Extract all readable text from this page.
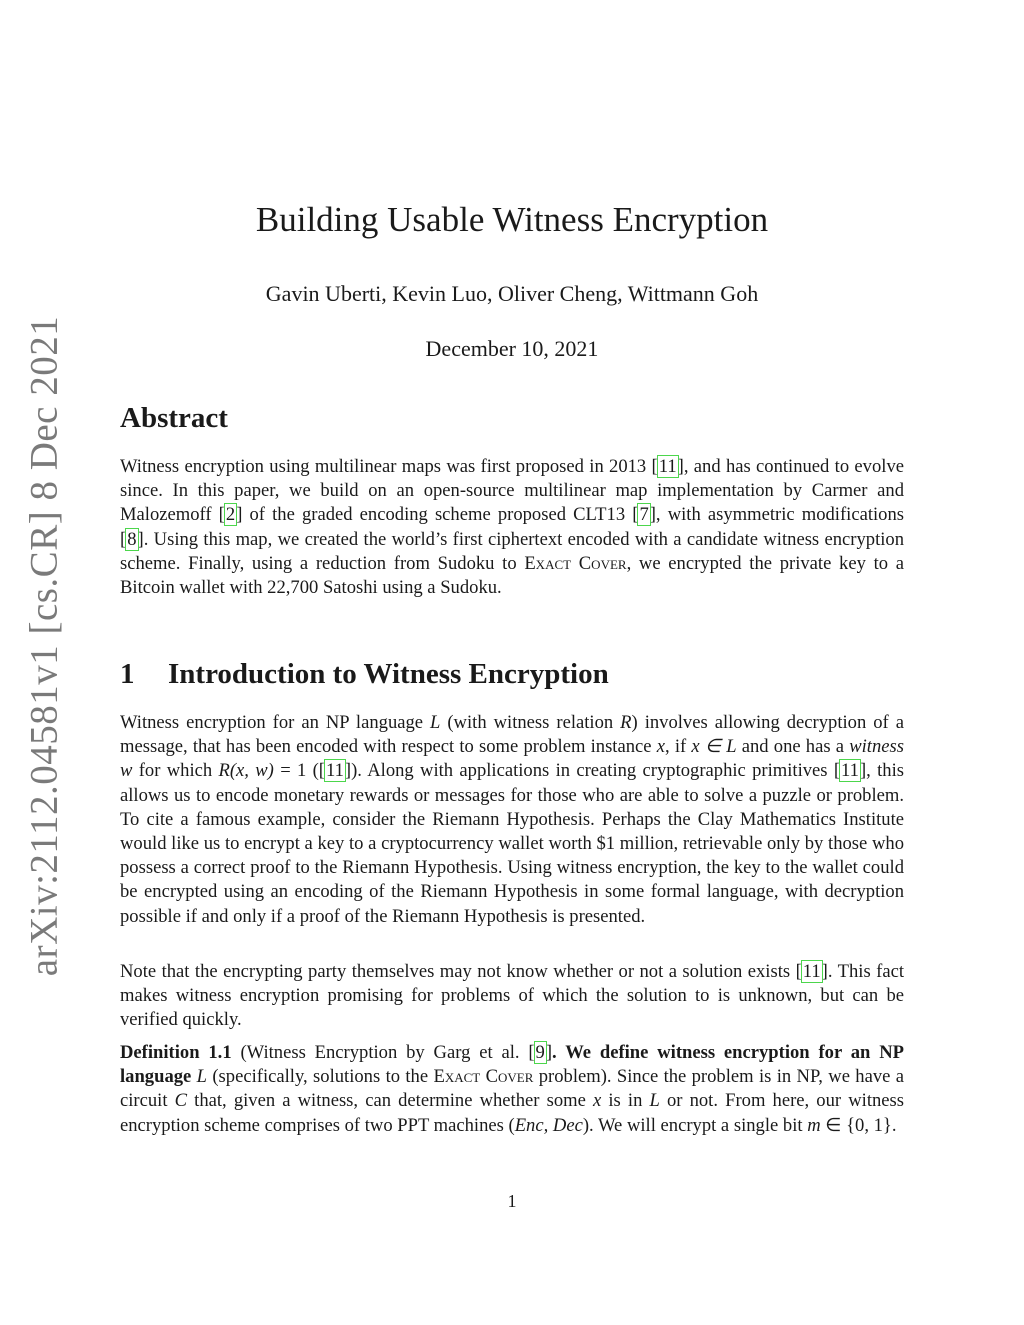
arXiv:2112.04581v1 [cs.CR] 8 Dec 2021
Building Usable Witness Encryption

Gavin Uberti, Kevin Luo, Oliver Cheng, Wittmann Goh

December 10, 2021

Abstract

Witness encryption using multilinear maps was first proposed in 2013 [11], and has continued to evolve since. In this paper, we build on an open-source multilinear map implementation by Carmer and Malozemoff [2] of the graded encoding scheme proposed CLT13 [7], with asymmetric modifications [8]. Using this map, we created the world’s first ciphertext encoded with a candidate witness encryption scheme. Finally, using a reduction from Sudoku to Exact Cover, we encrypted the private key to a Bitcoin wallet with 22,700 Satoshi using a Sudoku.

1 Introduction to Witness Encryption

Witness encryption for an NP language L (with witness relation R) involves allowing decryption of a message, that has been encoded with respect to some problem instance x, if x ∈ L and one has a witness w for which R(x, w) = 1 ([11]). Along with applications in creating cryptographic primitives [11], this allows us to encode monetary rewards or messages for those who are able to solve a puzzle or problem. To cite a famous example, consider the Riemann Hypothesis. Perhaps the Clay Mathematics Institute would like us to encrypt a key to a cryptocurrency wallet worth $1 million, retrievable only by those who possess a correct proof to the Riemann Hypothesis. Using witness encryption, the key to the wallet could be encrypted using an encoding of the Riemann Hypothesis in some formal language, with decryption possible if and only if a proof of the Riemann Hypothesis is presented.

Note that the encrypting party themselves may not know whether or not a solution exists [11]. This fact makes witness encryption promising for problems of which the solution to is unknown, but can be verified quickly.

Definition 1.1 (Witness Encryption by Garg et al. [9]. We define witness encryption for an NP language L (specifically, solutions to the Exact Cover problem). Since the problem is in NP, we have a circuit C that, given a witness, can determine whether some x is in L or not. From here, our witness encryption scheme comprises of two PPT machines (Enc, Dec). We will encrypt a single bit m ∈ {0, 1}.

1
